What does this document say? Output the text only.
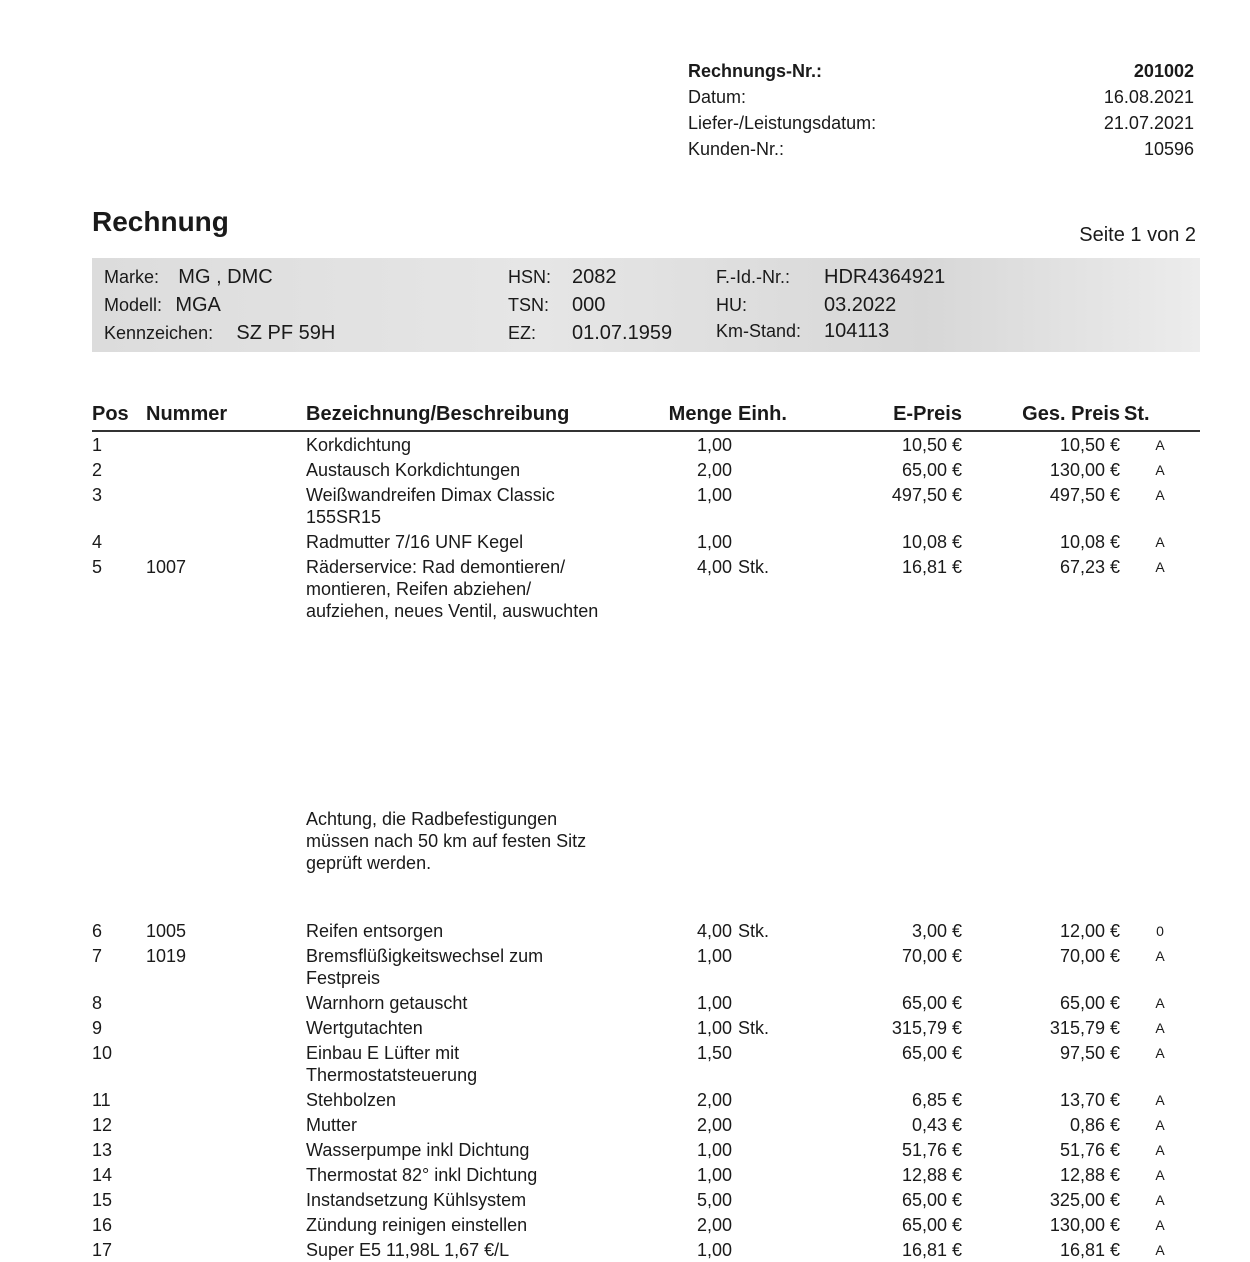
Rechnungs-Nr.:	201002
Datum:	16.08.2021
Liefer-/Leistungsdatum:	21.07.2021
Kunden-Nr.:	10596
Rechnung	Seite 1 von 2
Marke: MG , DMC
Modell: MGA
Kennzeichen: SZ PF 59H
HSN: 2082
TSN: 000
EZ: 01.07.1959
F.-Id.-Nr.: HDR4364921
HU:	03.2022
Km-Stand: 104113
Pos	Nummer	Bezeichnung/Beschreibung	Menge	Einh.	E-Preis	Ges. Preis	St.
1		Korkdichtung	1,00		10,50 €	10,50 €	A
2		Austausch Korkdichtungen	2,00		65,00 €	130,00 €	A
3		Weißwandreifen Dimax Classic
155SR15	1,00		497,50 €	497,50 €	A
4		Radmutter 7/16 UNF Kegel	1,00		10,08 €	10,08 €	A
5	1007	Räderservice: Rad demontieren/
montieren, Reifen abziehen/
aufziehen, neues Ventil, auswuchten	4,00	Stk.	16,81 €	67,23 €	A

		Achtung, die Radbefestigungen
müssen nach 50 km auf festen Sitz
geprüft werden.					

6	1005	Reifen entsorgen	4,00	Stk.	3,00 €	12,00 €	0
7	1019	Bremsflüßigkeitswechsel zum
Festpreis	1,00		70,00 €	70,00 €	A
8		Warnhorn getauscht	1,00		65,00 €	65,00 €	A
9		Wertgutachten	1,00	Stk.	315,79 €	315,79 €	A
10		Einbau E Lüfter mit
Thermostatsteuerung	1,50		65,00 €	97,50 €	A
11		Stehbolzen	2,00		6,85 €	13,70 €	A
12		Mutter	2,00		0,43 €	0,86 €	A
13		Wasserpumpe inkl Dichtung	1,00		51,76 €	51,76 €	A
14		Thermostat 82° inkl Dichtung	1,00		12,88 €	12,88 €	A
15		Instandsetzung Kühlsystem	5,00		65,00 €	325,00 €	A
16		Zündung reinigen einstellen	2,00		65,00 €	130,00 €	A
17		Super E5 11,98L 1,67 €/L	1,00		16,81 €	16,81 €	A
